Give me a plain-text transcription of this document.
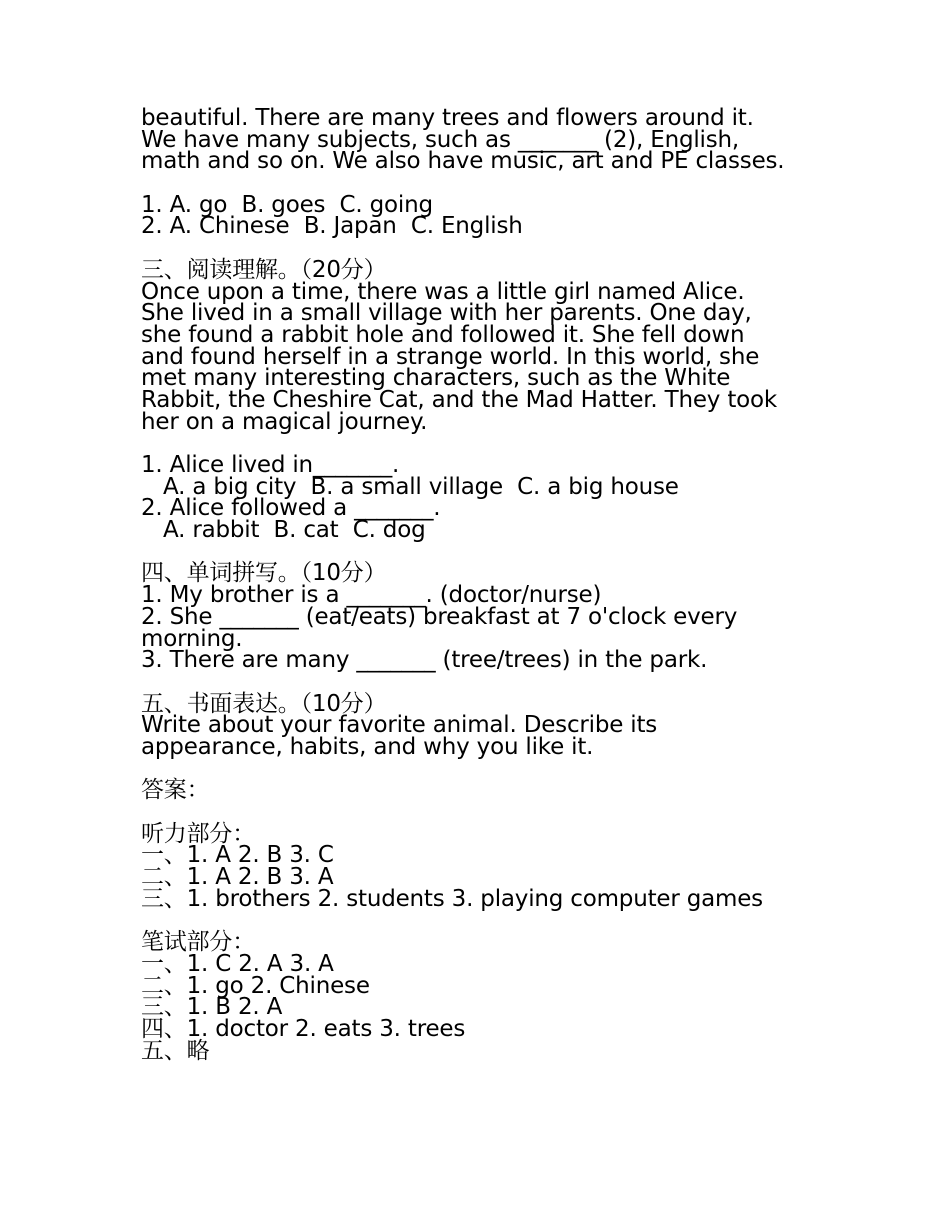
beautiful. There are many trees and flowers around it.
We have many subjects, such as _______ (2), English,
math and so on. We also have music, art and PE classes.
1. A. go  B. goes  C. going
2. A. Chinese  B. Japan  C. English
三、阅读理解。（20分）
Once upon a time, there was a little girl named Alice.
She lived in a small village with her parents. One day,
she found a rabbit hole and followed it. She fell down
and found herself in a strange world. In this world, she
met many interesting characters, such as the White
Rabbit, the Cheshire Cat, and the Mad Hatter. They took
her on a magical journey.
1. Alice lived in_______.
A. a big city  B. a small village  C. a big house
2. Alice followed a _______.
A. rabbit  B. cat  C. dog
四、单词拼写。（10分）
1. My brother is a _______. (doctor/nurse)
2. She _______ (eat/eats) breakfast at 7 o'clock every
morning.
3. There are many _______ (tree/trees) in the park.
五、书面表达。（10分）
Write about your favorite animal. Describe its
appearance, habits, and why you like it.
答案：
听力部分：
一、1. A 2. B 3. C
二、1. A 2. B 3. A
三、1. brothers 2. students 3. playing computer games
笔试部分：
一、1. C 2. A 3. A
二、1. go 2. Chinese
三、1. B 2. A
四、1. doctor 2. eats 3. trees
五、略
